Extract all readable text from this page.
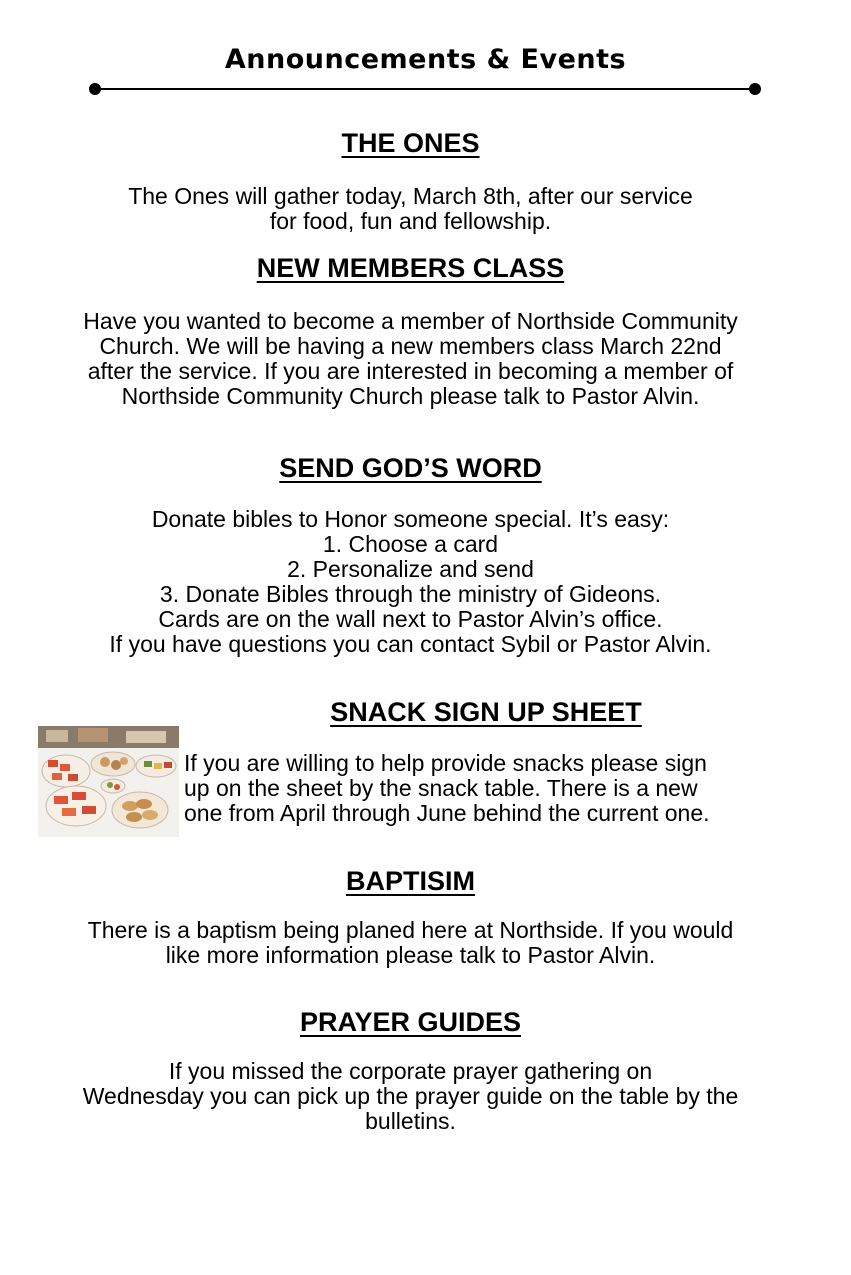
Announcements & Events
THE ONES
The Ones will gather today, March 8th, after our service
for food, fun and fellowship.
NEW MEMBERS CLASS
Have you wanted to become a member of Northside Community
Church. We will be having a new members class March 22nd
after the service. If you are interested in becoming a member of
Northside Community Church please talk to Pastor Alvin.
SEND GOD’S WORD
Donate bibles to Honor someone special. It’s easy:
1. Choose a card
2. Personalize and send
3. Donate Bibles through the ministry of Gideons.
Cards are on the wall next to Pastor Alvin’s office.
If you have questions you can contact Sybil or Pastor Alvin.
SNACK SIGN UP SHEET
If you are willing to help provide snacks please sign
up on the sheet by the snack table. There is a new
one from April through June behind the current one.
BAPTISIM
There is a baptism being planed here at Northside. If you would
like more information please talk to Pastor Alvin.
PRAYER GUIDES
If you missed the corporate prayer gathering on
Wednesday you can pick up the prayer guide on the table by the
bulletins.
